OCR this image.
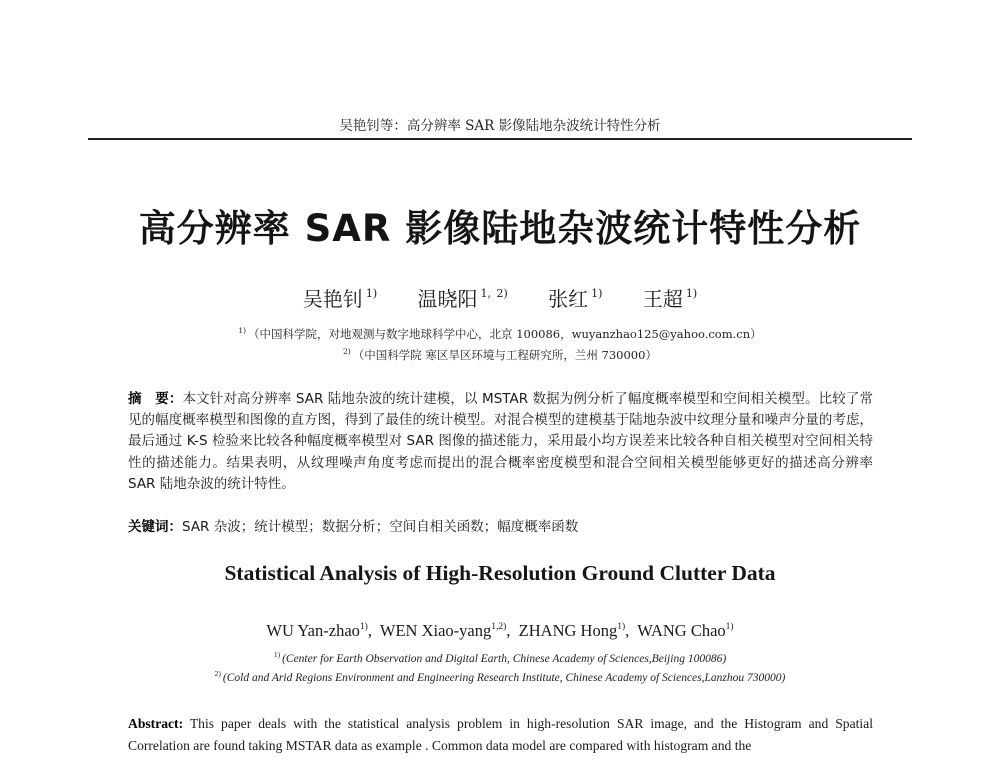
吴艳钊等：高分辨率 SAR 影像陆地杂波统计特性分析
高分辨率 SAR 影像陆地杂波统计特性分析
吴艳钊 $^{1)}$ 温晓阳 $^{1, 2)}$ 张红 $^{1)}$ 王超 $^{1)}$
$^{1)}$ （中国科学院，对地观测与数字地球科学中心，北京 100086，wuyanzhao125@yahoo.com.cn）
$^{2)}$ （中国科学院 寒区旱区环境与工程研究所，兰州 730000）
摘　要：本文针对高分辨率 SAR 陆地杂波的统计建模，以 MSTAR 数据为例分析了幅度概率模型和空间相关模型。比较了常见的幅度概率模型和图像的直方图，得到了最佳的统计模型。对混合模型的建模基于陆地杂波中纹理分量和噪声分量的考虑，最后通过 K-S 检验来比较各种幅度概率模型对 SAR 图像的描述能力，采用最小均方误差来比较各种自相关模型对空间相关特性的描述能力。结果表明，从纹理噪声角度考虑而提出的混合概率密度模型和混合空间相关模型能够更好的描述高分辨率 SAR 陆地杂波的统计特性。
关键词：SAR 杂波；统计模型；数据分析；空间自相关函数；幅度概率函数
Statistical Analysis of High-Resolution Ground Clutter Data
WU Yan-zhao$^{1)}$,  WEN Xiao-yang$^{1,2)}$,  ZHANG Hong$^{1)}$,  WANG Chao$^{1)}$
$^{1)}$ (Center for Earth Observation and Digital Earth, Chinese Academy of Sciences,Beijing 100086)
$^{2)}$ (Cold and Arid Regions Environment and Engineering Research Institute, Chinese Academy of Sciences,Lanzhou 730000)
Abstract: This paper deals with the statistical analysis problem in high-resolution SAR image, and the Histogram and Spatial Correlation are found taking MSTAR data as example . Common data model are compared with histogram and the
